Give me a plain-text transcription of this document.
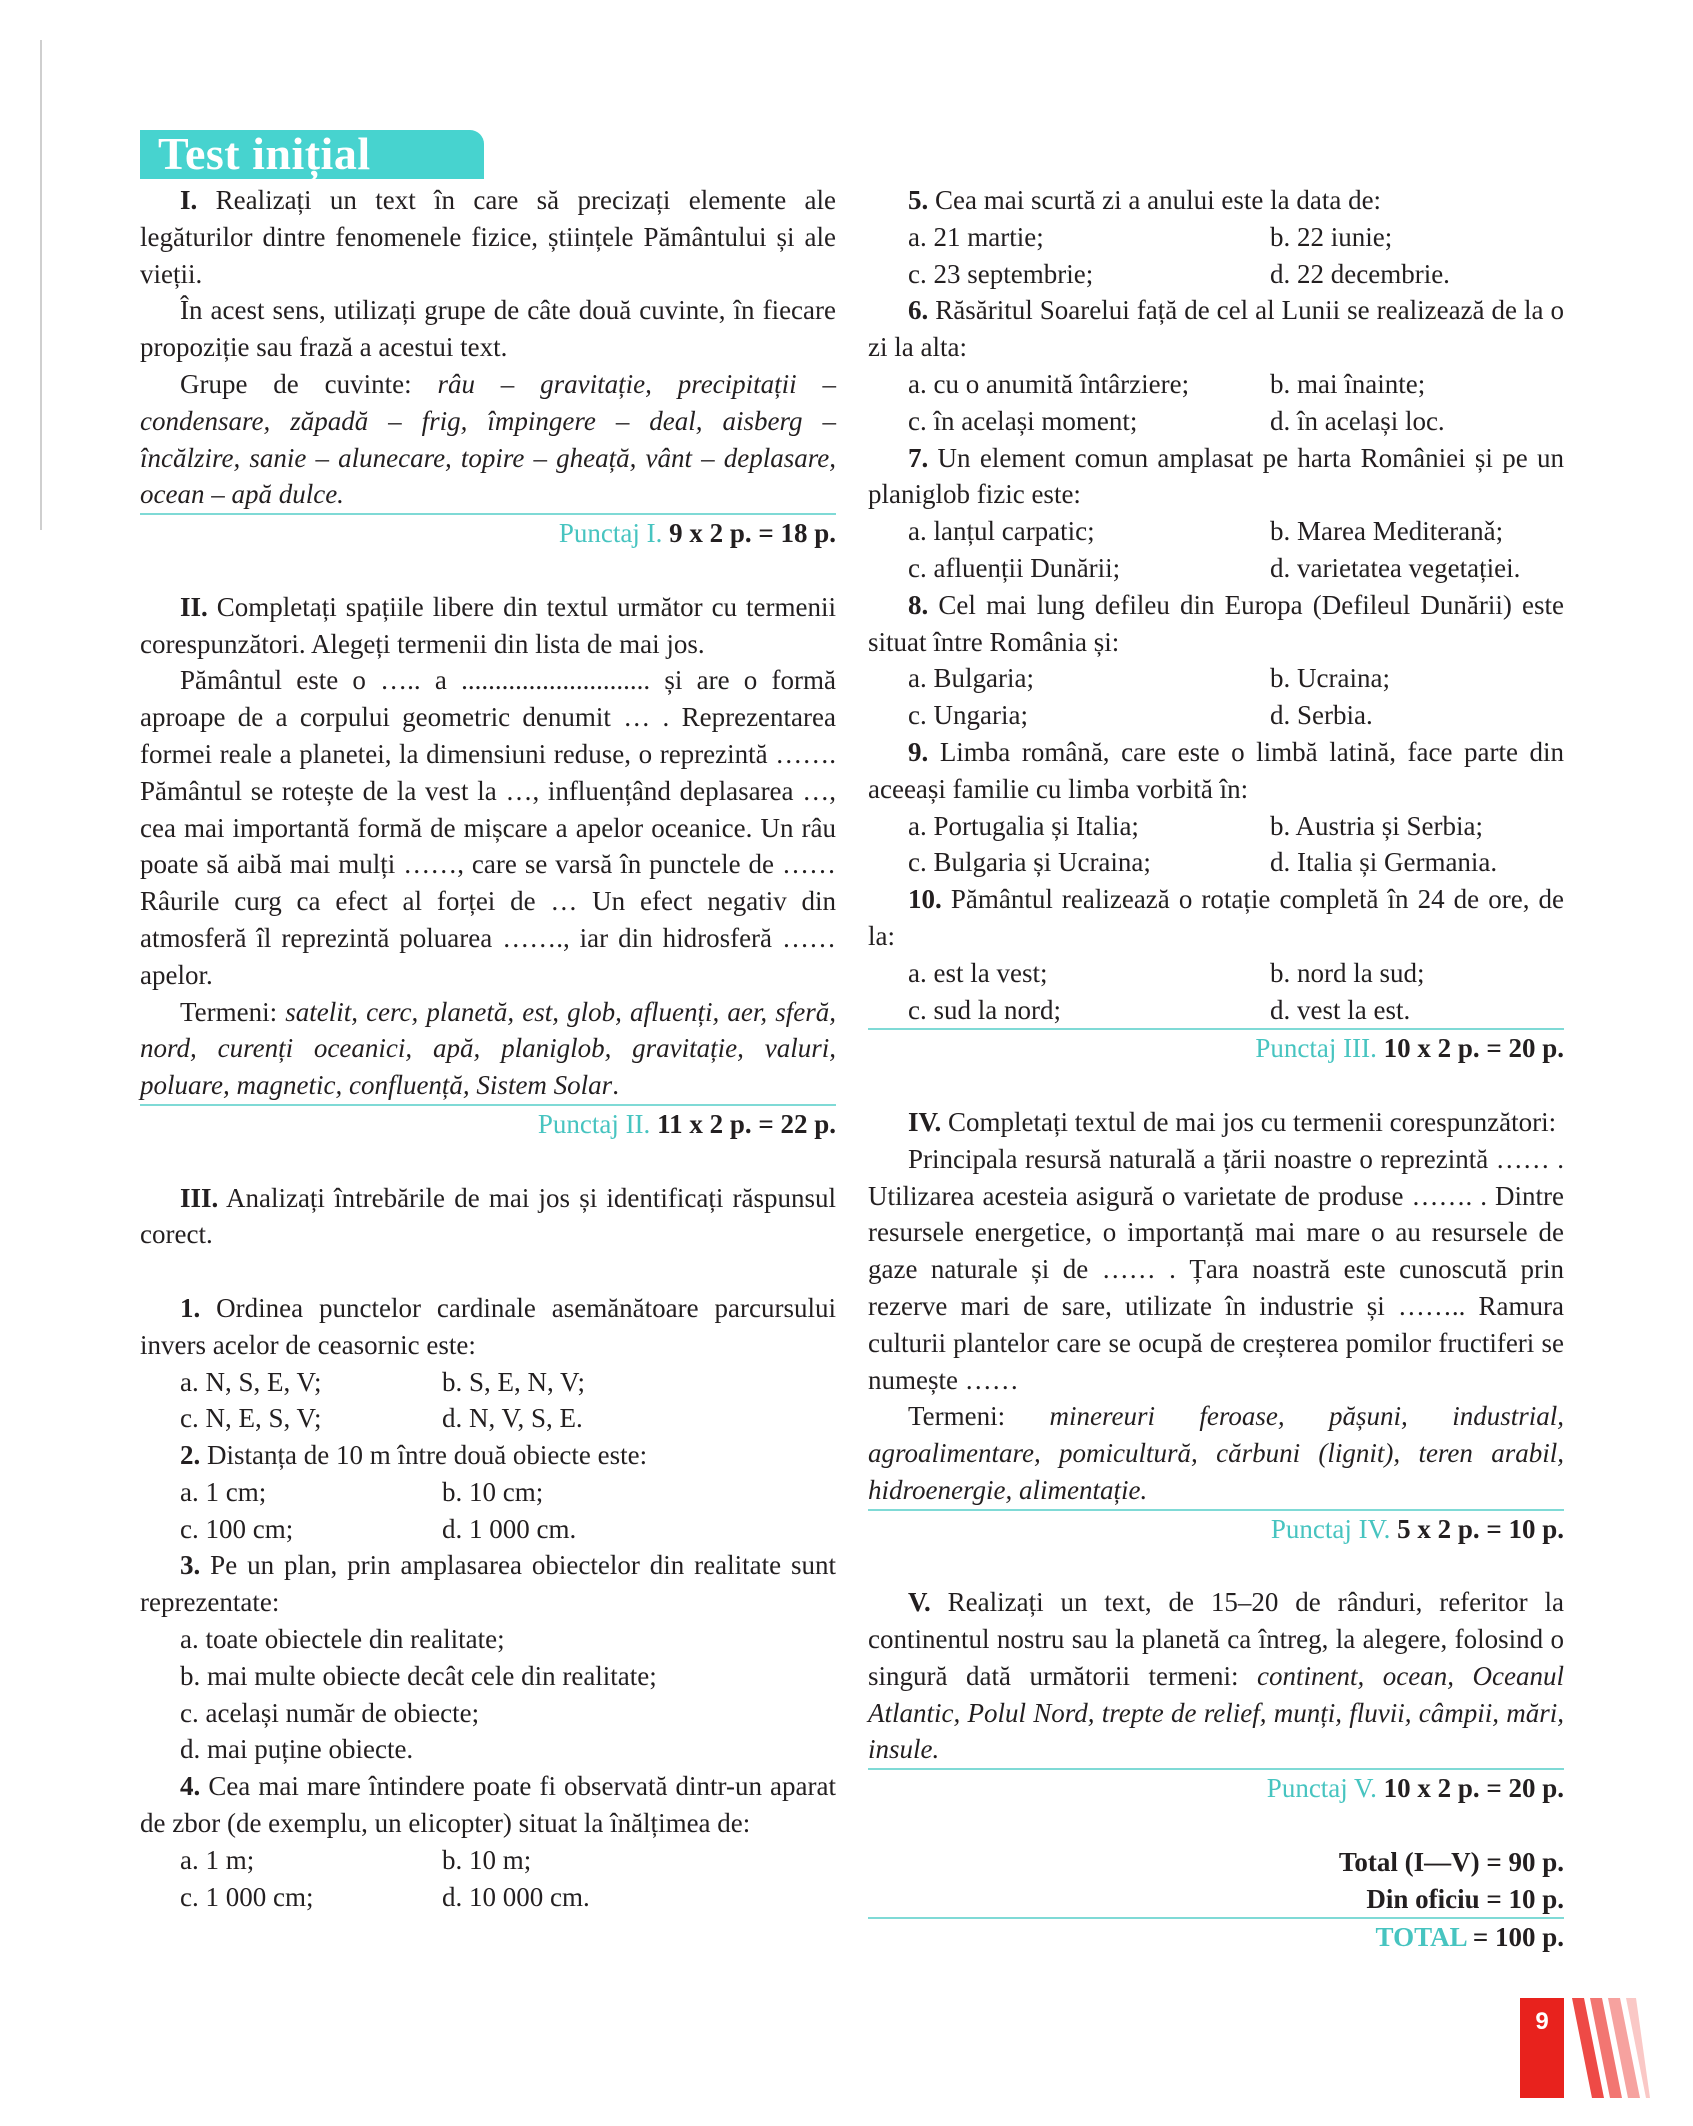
Test inițial
I. Realizați un text în care să precizați elemente ale legăturilor dintre fenomenele fizice, științele Pământului și ale vieții.
În acest sens, utilizați grupe de câte două cuvinte, în fiecare propoziție sau frază a acestui text.
Grupe de cuvinte: râu – gravitație, precipitații – condensare, zăpadă – frig, împingere – deal, aisberg – încălzire, sanie – alunecare, topire – gheață, vânt – deplasare, ocean – apă dulce.
Punctaj I. 9 x 2 p. = 18 p.
II. Completați spațiile libere din textul următor cu termenii corespunzători. Alegeți termenii din lista de mai jos.
Pământul este o ….. a ............................ și are o formă aproape de a corpului geometric denumit … . Reprezentarea formei reale a planetei, la dimensiuni reduse, o reprezintă ……. Pământul se rotește de la vest la …, influențând deplasarea …, cea mai importantă formă de mișcare a apelor oceanice. Un râu poate să aibă mai mulți ……, care se varsă în punctele de …… Râurile curg ca efect al forței de … Un efect negativ din atmosferă îl reprezintă poluarea ……., iar din hidrosferă …… apelor.
Termeni: satelit, cerc, planetă, est, glob, afluenți, aer, sferă, nord, curenți oceanici, apă, planiglob, gravitație, valuri, poluare, magnetic, confluență, Sistem Solar.
Punctaj II. 11 x 2 p. = 22 p.
III. Analizați întrebările de mai jos și identificați răspunsul corect.
1. Ordinea punctelor cardinale asemănătoare parcursului invers acelor de ceasornic este:
a. N, S, E, V;	b. S, E, N, V;
c. N, E, S, V;	d. N, V, S, E.
2. Distanța de 10 m între două obiecte este:
a. 1 cm;	b. 10 cm;
c. 100 cm;	d. 1 000 cm.
3. Pe un plan, prin amplasarea obiectelor din realitate sunt reprezentate:
a. toate obiectele din realitate;
b. mai multe obiecte decât cele din realitate;
c. același număr de obiecte;
d. mai puține obiecte.
4. Cea mai mare întindere poate fi observată dintr-un aparat de zbor (de exemplu, un elicopter) situat la înălțimea de:
a. 1 m;	b. 10 m;
c. 1 000 cm;	d. 10 000 cm.
5. Cea mai scurtă zi a anului este la data de:
a. 21 martie;	b. 22 iunie;
c. 23 septembrie;	d. 22 decembrie.
6. Răsăritul Soarelui față de cel al Lunii se realizează de la o zi la alta:
a. cu o anumită întârziere;	b. mai înainte;
c. în același moment;	d. în același loc.
7. Un element comun amplasat pe harta României și pe un planiglob fizic este:
a. lanțul carpatic;	b. Marea Mediteranǎ;
c. afluenții Dunării;	d. varietatea vegetației.
8. Cel mai lung defileu din Europa (Defileul Dunării) este situat între România și:
a. Bulgaria;	b. Ucraina;
c. Ungaria;	d. Serbia.
9. Limba română, care este o limbă latină, face parte din aceeași familie cu limba vorbită în:
a. Portugalia și Italia;	b. Austria și Serbia;
c. Bulgaria și Ucraina;	d. Italia și Germania.
10. Pământul realizează o rotație completă în 24 de ore, de la:
a. est la vest;	b. nord la sud;
c. sud la nord;	d. vest la est.
Punctaj III. 10 x 2 p. = 20 p.
IV. Completați textul de mai jos cu termenii corespunzători:
Principala resursă naturală a țării noastre o reprezintă …… . Utilizarea acesteia asigură o varietate de produse ……. . Dintre resursele energetice, o importanță mai mare o au resursele de gaze naturale și de …… . Țara noastră este cunoscută prin rezerve mari de sare, utilizate în industrie și …….. Ramura culturii plantelor care se ocupă de creșterea pomilor fructiferi se numește ……
Termeni: minereuri feroase, pășuni, industrial, agroalimentare, pomicultură, cărbuni (lignit), teren arabil, hidroenergie, alimentație.
Punctaj IV. 5 x 2 p. = 10 p.
V. Realizați un text, de 15–20 de rânduri, referitor la continentul nostru sau la planetă ca întreg, la alegere, folosind o singură dată următorii termeni: continent, ocean, Oceanul Atlantic, Polul Nord, trepte de relief, munți, fluvii, câmpii, mări, insule.
Punctaj V. 10 x 2 p. = 20 p.
Total (I—V) = 90 p.
Din oficiu = 10 p.
TOTAL = 100 p.
9
